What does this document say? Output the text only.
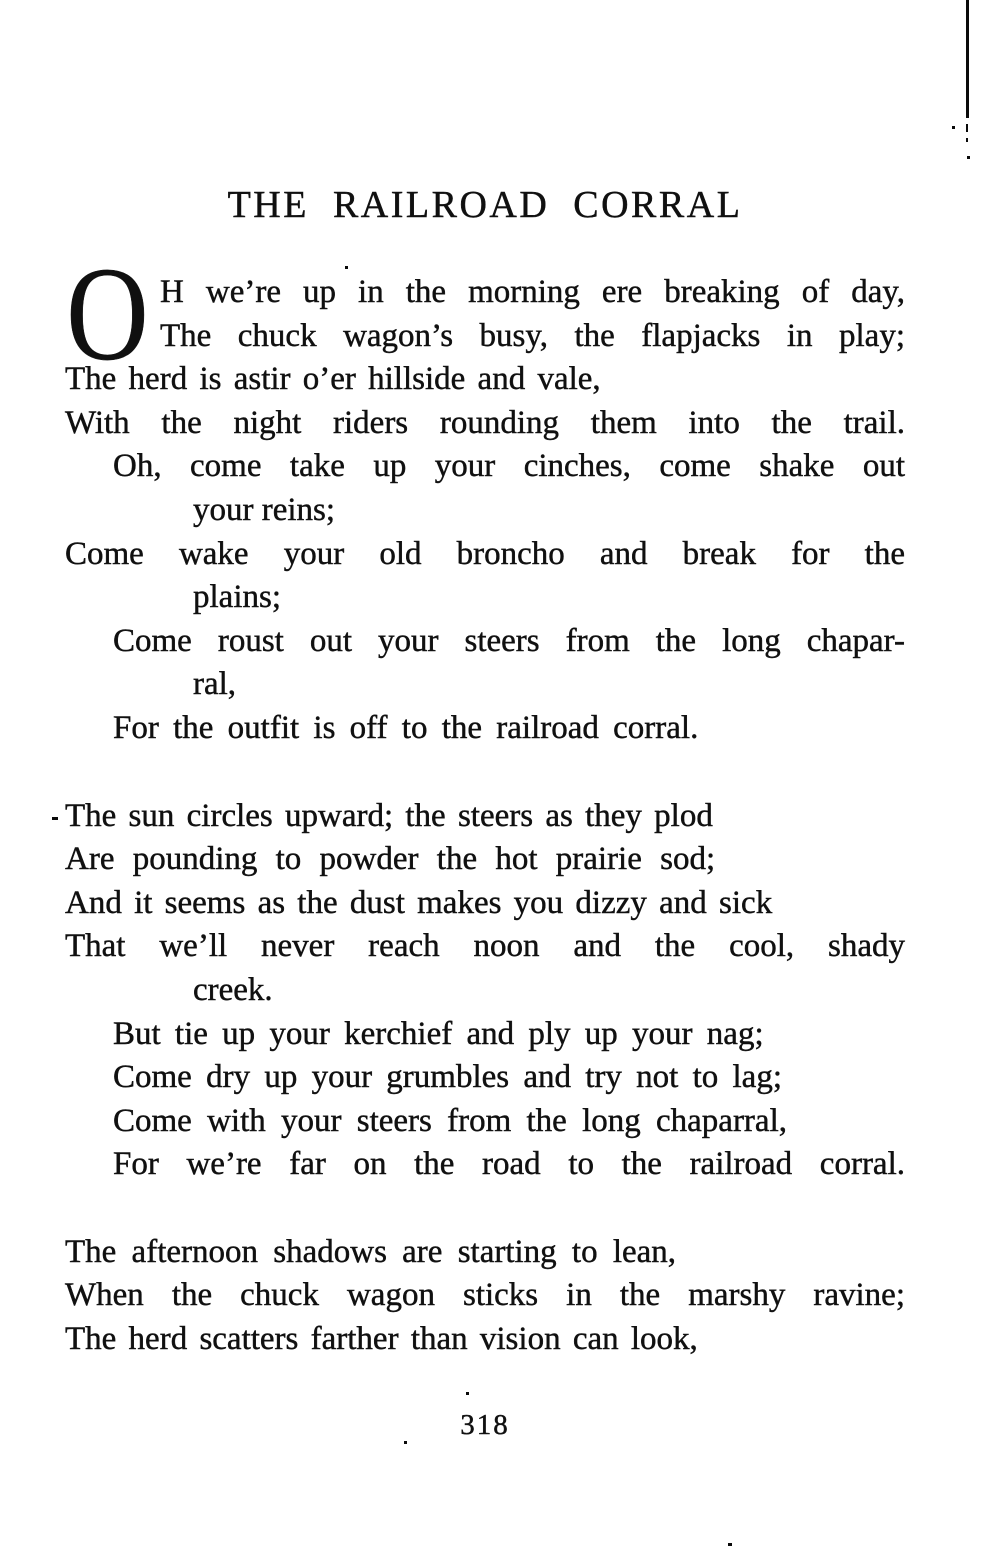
THE RAILROAD CORRAL
O H we’re up in the morning ere breaking of day,
The chuck wagon’s busy, the flapjacks in play;
The herd is astir o’er hillside and vale,
With the night riders rounding them into the trail.
Oh, come take up your cinches, come shake out
your reins;
Come wake your old broncho and break for the
plains;
Come roust out your steers from the long chapar-
ral,
For the outfit is off to the railroad corral.
The sun circles upward; the steers as they plod
Are pounding to powder the hot prairie sod;
And it seems as the dust makes you dizzy and sick
That we’ll never reach noon and the cool, shady
creek.
But tie up your kerchief and ply up your nag;
Come dry up your grumbles and try not to lag;
Come with your steers from the long chaparral,
For we’re far on the road to the railroad corral.
The afternoon shadows are starting to lean,
When the chuck wagon sticks in the marshy ravine;
The herd scatters farther than vision can look,
318
